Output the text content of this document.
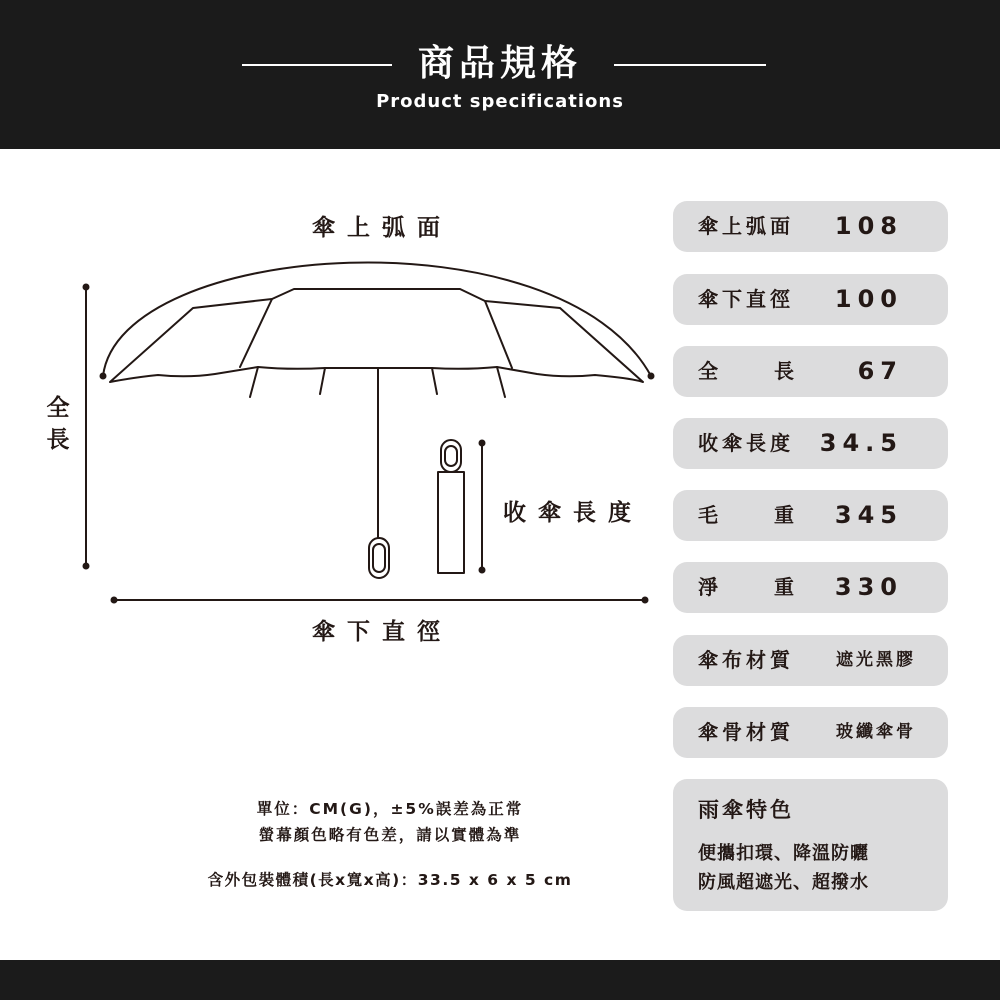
商品規格
Product specifications
傘上弧面
傘下直徑
收傘長度
全
長
傘上弧面 108
傘下直徑 100
全	長	67
收傘長度 34.5
毛	重 345
淨	重 330
傘布材質 遮光黑膠
傘骨材質 玻纖傘骨
雨傘特色
便攜扣環、降溫防曬
防風超遮光、超撥水
單位：CM(G)，±5%誤差為正常
螢幕顏色略有色差，請以實體為準
含外包裝體積(長x寬x高)：33.5 x 6 x 5 cm
